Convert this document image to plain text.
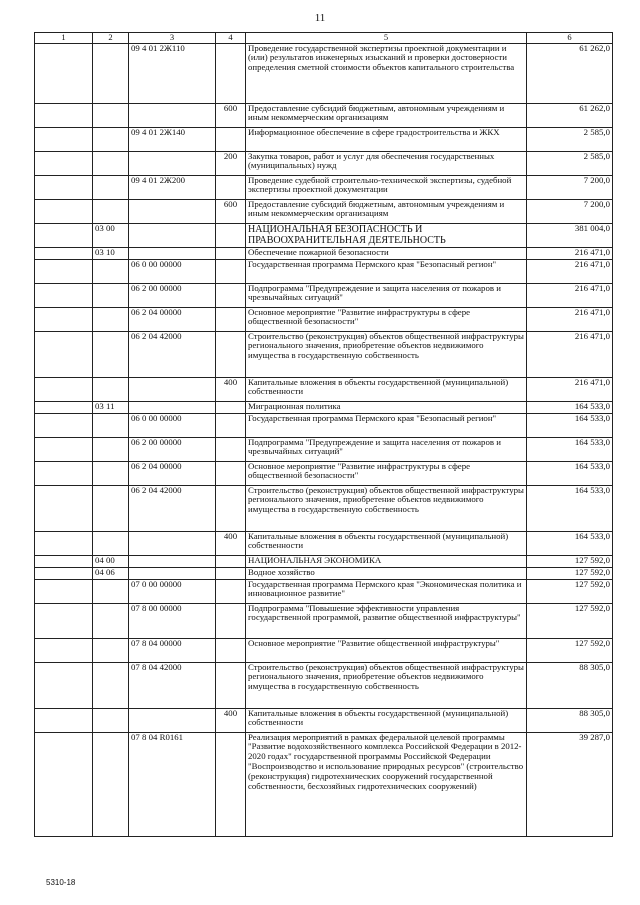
11
1	2	3	4	5	6
		09 4 01 2Ж110		Проведение государственной экспертизы проектной документации и (или) результатов инженерных изысканий и проверки достоверности определения сметной стоимости объектов капитального строительства	61 262,0
			600	Предоставление субсидий бюджетным, автономным учреждениям и иным некоммерческим организациям	61 262,0
		09 4 01 2Ж140		Информационное обеспечение в сфере градостроительства и ЖКХ	2 585,0
			200	Закупка товаров, работ и услуг для обеспечения государственных (муниципальных) нужд	2 585,0
		09 4 01 2Ж200		Проведение судебной строительно-технической экспертизы, судебной экспертизы проектной документации	7 200,0
			600	Предоставление субсидий бюджетным, автономным учреждениям и иным некоммерческим организациям	7 200,0
	03 00			НАЦИОНАЛЬНАЯ БЕЗОПАСНОСТЬ И ПРАВООХРАНИТЕЛЬНАЯ ДЕЯТЕЛЬНОСТЬ	381 004,0
	03 10			Обеспечение пожарной безопасности	216 471,0
		06 0 00 00000		Государственная программа Пермского края "Безопасный регион"	216 471,0
		06 2 00 00000		Подпрограмма "Предупреждение и защита населения от пожаров и чрезвычайных ситуаций"	216 471,0
		06 2 04 00000		Основное мероприятие "Развитие инфраструктуры в сфере общественной безопасности"	216 471,0
		06 2 04 42000		Строительство (реконструкция) объектов общественной инфраструктуры регионального значения, приобретение объектов недвижимого имущества в государственную собственность	216 471,0
			400	Капитальные вложения в объекты государственной (муниципальной) собственности	216 471,0
	03 11			Миграционная политика	164 533,0
		06 0 00 00000		Государственная программа Пермского края "Безопасный регион"	164 533,0
		06 2 00 00000		Подпрограмма "Предупреждение и защита населения от пожаров и чрезвычайных ситуаций"	164 533,0
		06 2 04 00000		Основное мероприятие "Развитие инфраструктуры в сфере общественной безопасности"	164 533,0
		06 2 04 42000		Строительство (реконструкция) объектов общественной инфраструктуры регионального значения, приобретение объектов недвижимого имущества в государственную собственность	164 533,0
			400	Капитальные вложения в объекты государственной (муниципальной) собственности	164 533,0
	04 00			НАЦИОНАЛЬНАЯ ЭКОНОМИКА	127 592,0
	04 06			Водное хозяйство	127 592,0
		07 0 00 00000		Государственная программа Пермского края "Экономическая политика и инновационное развитие"	127 592,0
		07 8 00 00000		Подпрограмма "Повышение эффективности управления государственной программой, развитие общественной инфраструктуры"	127 592,0
		07 8 04 00000		Основное мероприятие "Развитие общественной инфраструктуры"	127 592,0
		07 8 04 42000		Строительство (реконструкция) объектов общественной инфраструктуры регионального значения, приобретение объектов недвижимого имущества в государственную собственность	88 305,0
			400	Капитальные вложения в объекты государственной (муниципальной) собственности	88 305,0
		07 8 04 R0161		Реализация мероприятий в рамках федеральной целевой программы "Развитие водохозяйственного комплекса Российской Федерации в 2012-2020 годах" государственной программы Российской Федерации "Воспроизводство и использование природных ресурсов" (строительство (реконструкция) гидротехнических сооружений государственной собственности, бесхозяйных гидротехнических сооружений)	39 287,0
5310-18
